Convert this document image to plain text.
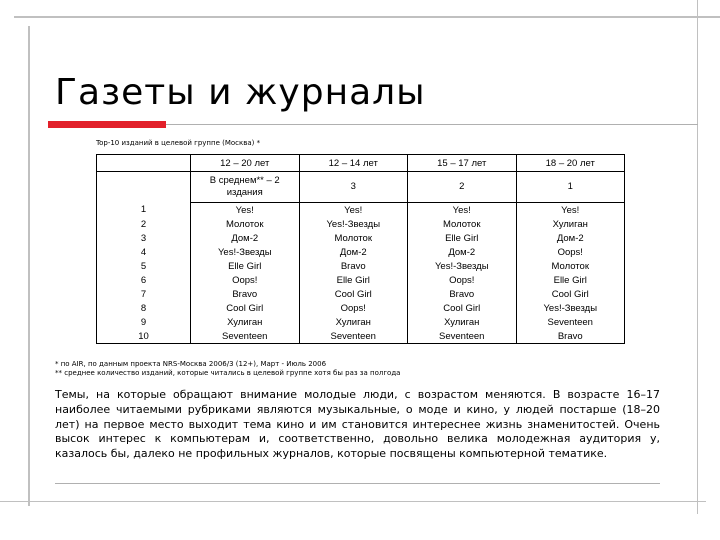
Газеты и журналы
Top-10 изданий в целевой группе (Москва) *
	12 – 20 лет	12 – 14 лет	15 – 17 лет	18 – 20 лет
	В среднем** – 2 издания	3	2	1
1	Yes!	Yes!	Yes!	Yes!
2	Молоток	Yes!-Звезды	Молоток	Хулиган
3	Дом-2	Молоток	Elle Girl	Дом-2
4	Yes!-Звезды	Дом-2	Дом-2	Oops!
5	Elle Girl	Bravo	Yes!-Звезды	Молоток
6	Oops!	Elle Girl	Oops!	Elle Girl
7	Bravo	Cool Girl	Bravo	Cool Girl
8	Cool Girl	Oops!	Cool Girl	Yes!-Звезды
9	Хулиган	Хулиган	Хулиган	Seventeen
10	Seventeen	Seventeen	Seventeen	Bravo
* по AIR, по данным проекта NRS-Москва 2006/3 (12+), Март - Июль 2006
** среднее количество изданий, которые читались в целевой группе хотя бы раз за полгода

Темы, на которые обращают внимание молодые люди, с возрастом меняются. В возрасте 16–17 наиболее читаемыми рубриками являются музыкальные, о моде и кино, у людей постарше (18–20 лет) на первое место выходит тема кино и им становится интереснее жизнь знаменитостей. Очень высок интерес к компьютерам и, соответственно, довольно велика молодежная аудитория у, казалось бы, далеко не профильных журналов, которые посвящены компьютерной тематике.
